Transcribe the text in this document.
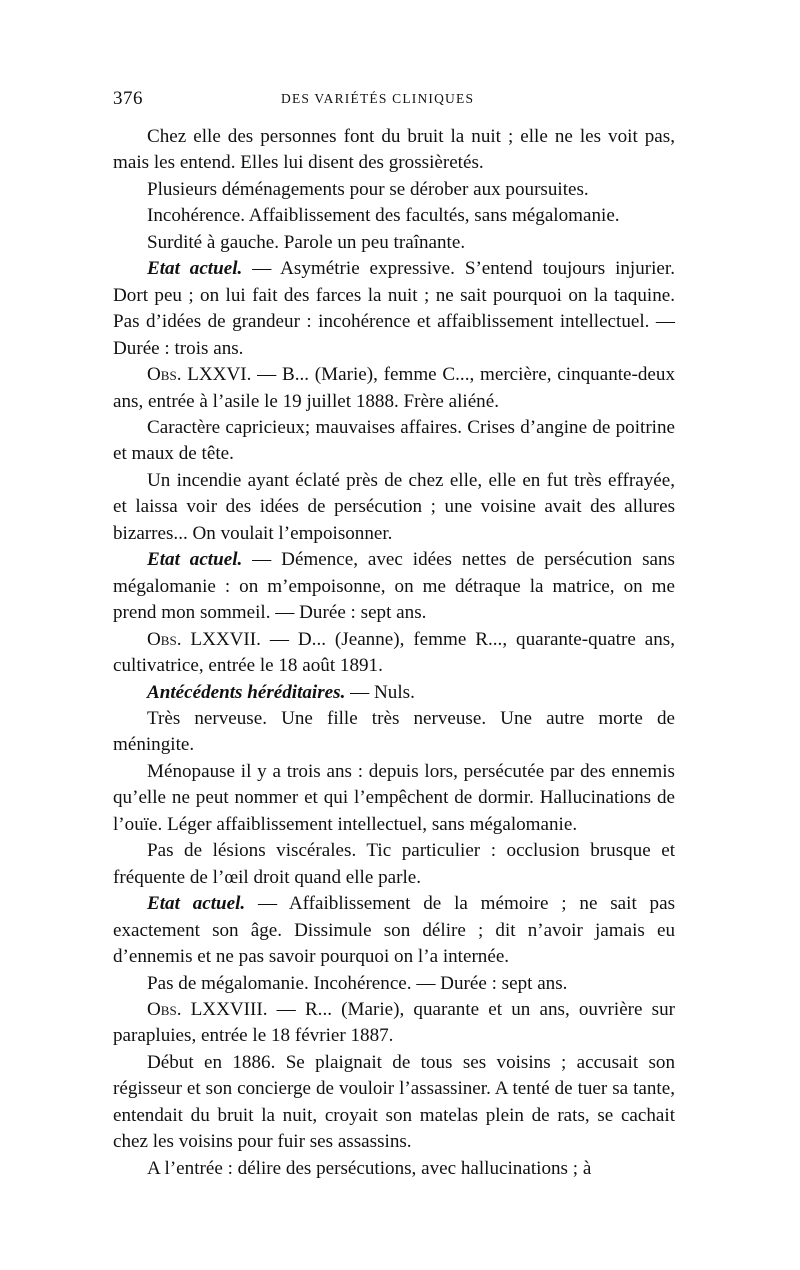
376	DES VARIÉTÉS CLINIQUES

Chez elle des personnes font du bruit la nuit ; elle ne les voit pas, mais les entend. Elles lui disent des grossièretés.

Plusieurs déménagements pour se dérober aux poursuites.

Incohérence. Affaiblissement des facultés, sans mégalomanie.

Surdité à gauche. Parole un peu traînante.

Etat actuel. — Asymétrie expressive. S’entend toujours injurier. Dort peu ; on lui fait des farces la nuit ; ne sait pourquoi on la taquine. Pas d’idées de grandeur : incohérence et affaiblissement intellectuel. — Durée : trois ans.

Obs. LXXVI. — B... (Marie), femme C..., mercière, cinquante-deux ans, entrée à l’asile le 19 juillet 1888. Frère aliéné.

Caractère capricieux; mauvaises affaires. Crises d’angine de poitrine et maux de tête.

Un incendie ayant éclaté près de chez elle, elle en fut très effrayée, et laissa voir des idées de persécution ; une voisine avait des allures bizarres... On voulait l’empoisonner.

Etat actuel. — Démence, avec idées nettes de persécution sans mégalomanie : on m’empoisonne, on me détraque la matrice, on me prend mon sommeil. — Durée : sept ans.

Obs. LXXVII. — D... (Jeanne), femme R..., quarante-quatre ans, cultivatrice, entrée le 18 août 1891.

Antécédents héréditaires. — Nuls.

Très nerveuse. Une fille très nerveuse. Une autre morte de méningite.

Ménopause il y a trois ans : depuis lors, persécutée par des ennemis qu’elle ne peut nommer et qui l’empêchent de dormir. Hallucinations de l’ouïe. Léger affaiblissement intellectuel, sans mégalomanie.

Pas de lésions viscérales. Tic particulier : occlusion brusque et fréquente de l’œil droit quand elle parle.

Etat actuel. — Affaiblissement de la mémoire ; ne sait pas exactement son âge. Dissimule son délire ; dit n’avoir jamais eu d’ennemis et ne pas savoir pourquoi on l’a internée.

Pas de mégalomanie. Incohérence. — Durée : sept ans.

Obs. LXXVIII. — R... (Marie), quarante et un ans, ouvrière sur parapluies, entrée le 18 février 1887.

Début en 1886. Se plaignait de tous ses voisins ; accusait son régisseur et son concierge de vouloir l’assassiner. A tenté de tuer sa tante, entendait du bruit la nuit, croyait son matelas plein de rats, se cachait chez les voisins pour fuir ses assassins.

A l’entrée : délire des persécutions, avec hallucinations ; à
